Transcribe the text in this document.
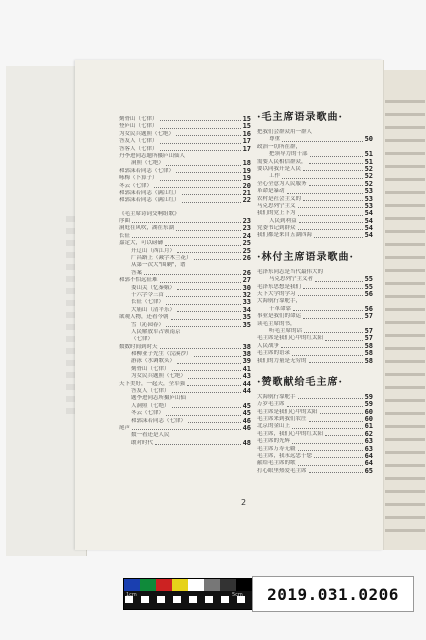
刻骨山（七律）	15
登庐山（七律）	15
为女民兵题照（七绝）	16
答友人（七律）	17
答客人（七律）	17
丹李进同志题所摄庐山仙人
洞照（七绝）	18
和郭沫若同志（七律）	19
咏梅（卜算子）	19
冬云（七律）	20
和郭沫若同志（满江红）	21
和郭沫若同志（满江红）	22
《毛主席诗词交响组歌》
序曲	23
洞庭在风吹，湖在东湖	23
长征	24
嘉定大，可以磅礴	25
开辽山（西江月）	25
广昌路上（减字木兰花）	26
从第一次大"围剿"，谱
答案	26
和郭不怕远征难	27
娄山关（忆秦娥）	30
十六字令三首	32
长征（七律）	33
大庙山（清平乐）	34
欲观人物，还看今朝	35
雪（沁园春）	35
人民解放军占领南京
（七律）
数数时间到时天	38
和柳亚子先生（浣溪沙）	38
游泳（水调歌头）	39
刻骨山（七律）	41
为女民兵题照（七绝）	43
天下美好，一起天，全军强	44
答友人（七律）	44
题李进同志所摄庐山仙
人洞照（七绝）	45
冬云（七律）	45
和郭沫若同志（七律）	46
尾声	46
数一看还是人民
敢对时代	48
·毛主席语录歌曲·
把我们会群众用一群人
尊重	50
政治一切所在群，
把领导力的干部	51
需要人民相信群众，	51
要以同我开是人民	52
工作	52
全心全意为人民服务	52
革命是暴动	53
农村是社会主义的	53
马克思列宁主义	53
我们的党上下为	54
人民到利益	54
党委书记到群众	54
我们都是来自五湖四海	54
·林付主席语录歌曲·
毛泽东同志是当代最伟大的
马克思列宁主义者	55
毛泽东思想是我们	55
天下大学的学习	56
大海航行靠舵手，
干革命靠	56
事业是我们的命运	57
读毛主席的书，
听毛主席的话	57
毛主席是我们心中的红太阳	57
人民战争	58
毛主席的语录	58
我们的力量是无穷的	58
·赞歌献给毛主席·
大海航行靠舵手	59
万岁毛主席	59
毛主席是我们心中的太阳	60
毛主席来到我们农庄	60
北京的金山上	61
毛主席，我们心中的红太阳	62
毛主席的光辉	63
毛主席万寿无疆	63
毛主席，我永远忠于您	64
献给毛主席的歌	64
打心眼里热爱毛主席	65
2
1cm	5cm 2019.031.0206
